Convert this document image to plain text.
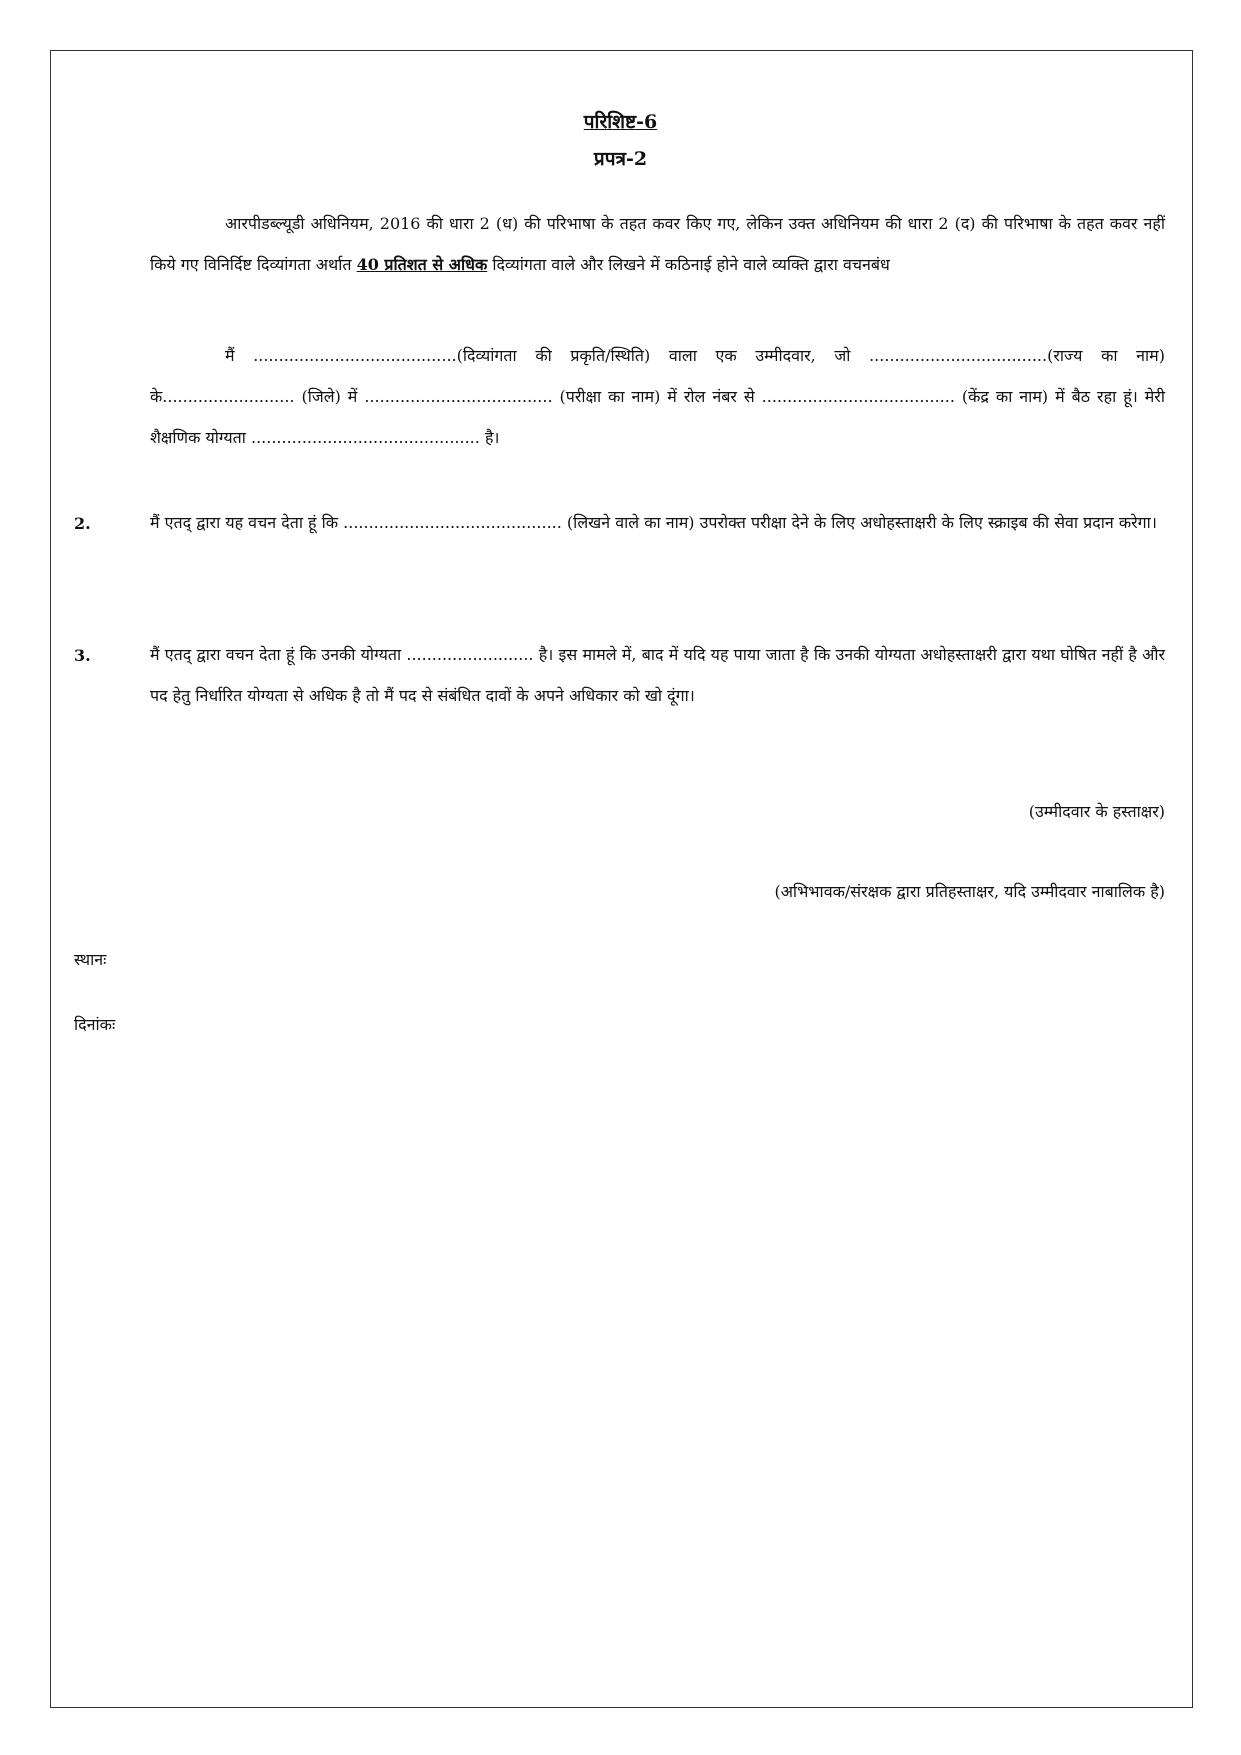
परिशिष्ट-6
प्रपत्र-2
आरपीडब्ल्यूडी अधिनियम, 2016 की धारा 2 (ध) की परिभाषा के तहत कवर किए गए, लेकिन उक्त अधिनियम की धारा 2 (द) की परिभाषा के तहत कवर नहीं किये गए विनिर्दिष्ट दिव्यांगता अर्थात 40 प्रतिशत से अधिक दिव्यांगता वाले और लिखने में कठिनाई होने वाले व्यक्ति द्वारा वचनबंध
मैं ........................................(दिव्यांगता की प्रकृति/स्थिति) वाला एक उम्मीदवार, जो ...................................(राज्य का नाम) के.......................... (जिले) में ..................................... (परीक्षा का नाम) में रोल नंबर से ...................................... (केंद्र का नाम) में बैठ रहा हूं। मेरी शैक्षणिक योग्यता ............................................. है।
2.	मैं एतद् द्वारा यह वचन देता हूं कि ........................................... (लिखने वाले का नाम) उपरोक्त परीक्षा देने के लिए अधोहस्ताक्षरी के लिए स्क्राइब की सेवा प्रदान करेगा।
3.	मैं एतद् द्वारा वचन देता हूं कि उनकी योग्यता ......................... है। इस मामले में, बाद में यदि यह पाया जाता है कि उनकी योग्यता अधोहस्ताक्षरी द्वारा यथा घोषित नहीं है और पद हेतु निर्धारित योग्यता से अधिक है तो मैं पद से संबंधित दावों के अपने अधिकार को खो दूंगा।
(उम्मीदवार के हस्ताक्षर)
(अभिभावक/संरक्षक द्वारा प्रतिहस्ताक्षर, यदि उम्मीदवार नाबालिक है)
स्थानः
दिनांकः
